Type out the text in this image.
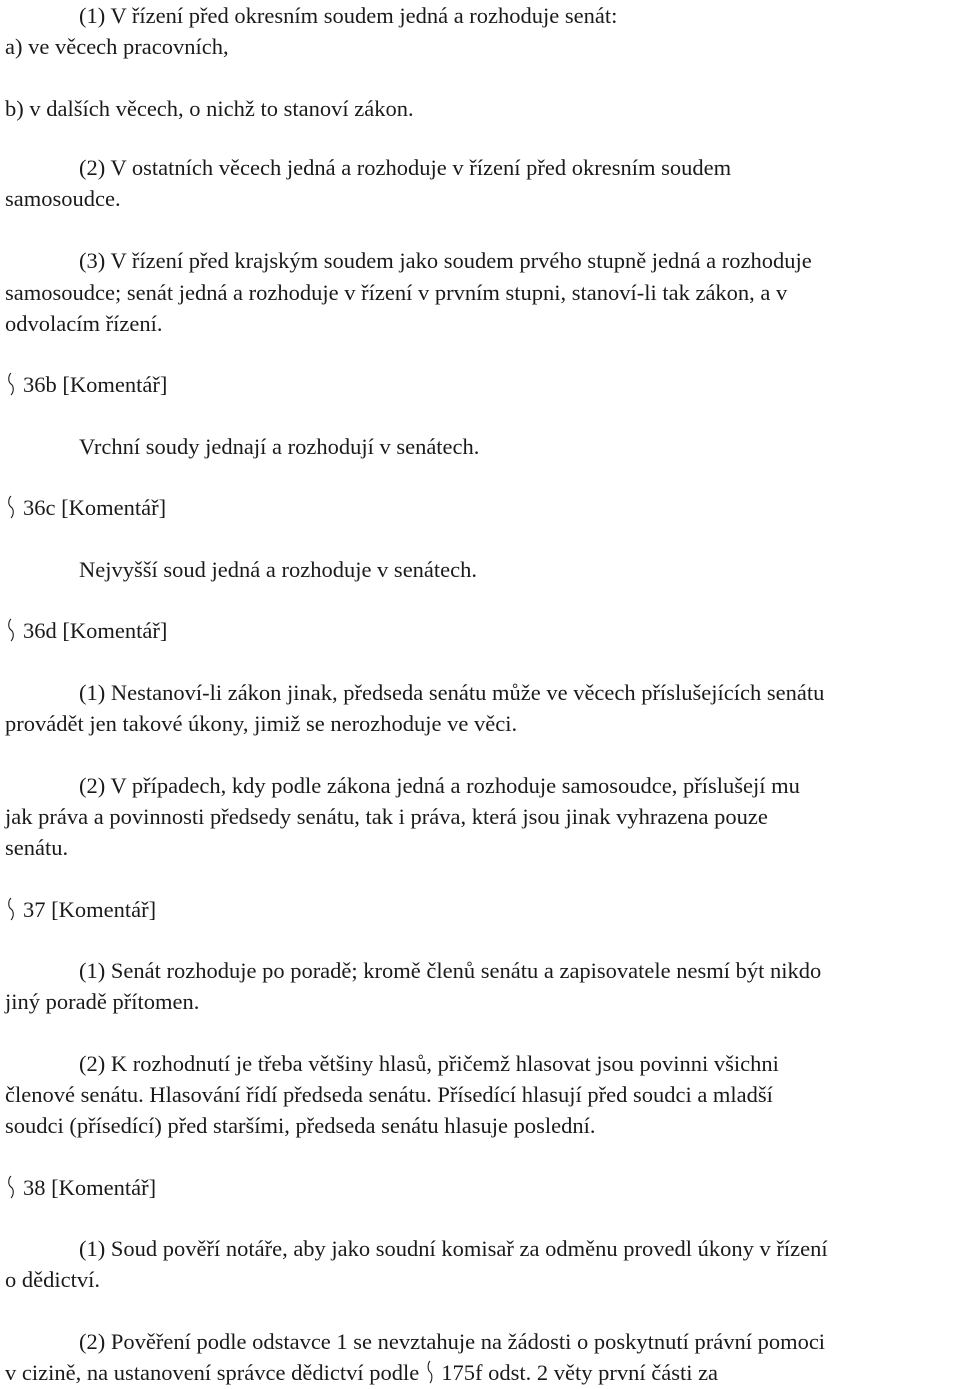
(1) V řízení před okresním soudem jedná a rozhoduje senát:
a) ve věcech pracovních,
b) v dalších věcech, o nichž to stanoví zákon.
(2) V ostatních věcech jedná a rozhoduje v řízení před okresním soudem
samosoudce.
(3) V řízení před krajským soudem jako soudem prvého stupně jedná a rozhoduje
samosoudce; senát jedná a rozhoduje v řízení v prvním stupni, stanoví-li tak zákon, a v
odvolacím řízení.
36b [Komentář]
Vrchní soudy jednají a rozhodují v senátech.
36c [Komentář]
Nejvyšší soud jedná a rozhoduje v senátech.
36d [Komentář]
(1) Nestanoví-li zákon jinak, předseda senátu může ve věcech příslušejících senátu
provádět jen takové úkony, jimiž se nerozhoduje ve věci.
(2) V případech, kdy podle zákona jedná a rozhoduje samosoudce, příslušejí mu
jak práva a povinnosti předsedy senátu, tak i práva, která jsou jinak vyhrazena pouze
senátu.
37 [Komentář]
(1) Senát rozhoduje po poradě; kromě členů senátu a zapisovatele nesmí být nikdo
jiný poradě přítomen.
(2) K rozhodnutí je třeba většiny hlasů, přičemž hlasovat jsou povinni všichni
členové senátu. Hlasování řídí předseda senátu. Přísedící hlasují před soudci a mladší
soudci (přísedící) před staršími, předseda senátu hlasuje poslední.
38 [Komentář]
(1) Soud pověří notáře, aby jako soudní komisař za odměnu provedl úkony v řízení
o dědictví.
(2) Pověření podle odstavce 1 se nevztahuje na žádosti o poskytnutí právní pomoci
v cizině, na ustanovení správce dědictví podle 175f odst. 2 věty první části za
